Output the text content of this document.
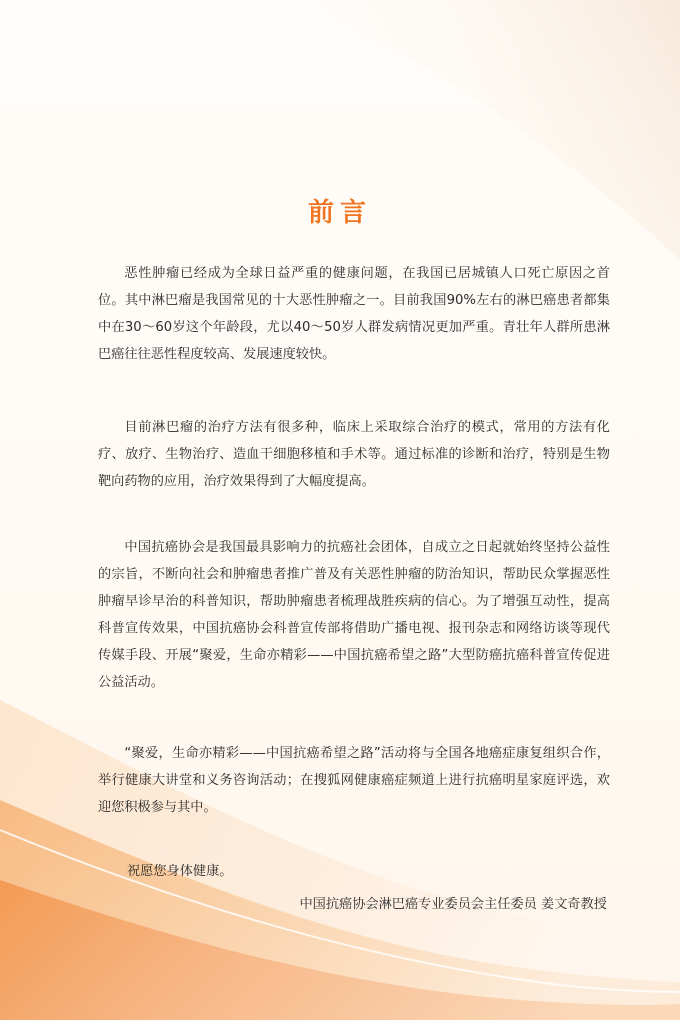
前言

恶性肿瘤已经成为全球日益严重的健康问题，在我国已居城镇人口死亡原因之首位。其中淋巴瘤是我国常见的十大恶性肿瘤之一。目前我国90%左右的淋巴癌患者都集中在30～60岁这个年龄段，尤以40～50岁人群发病情况更加严重。青壮年人群所患淋巴癌往往恶性程度较高、发展速度较快。

目前淋巴瘤的治疗方法有很多种，临床上采取综合治疗的模式，常用的方法有化疗、放疗、生物治疗、造血干细胞移植和手术等。通过标准的诊断和治疗，特别是生物靶向药物的应用，治疗效果得到了大幅度提高。

中国抗癌协会是我国最具影响力的抗癌社会团体，自成立之日起就始终坚持公益性的宗旨，不断向社会和肿瘤患者推广普及有关恶性肿瘤的防治知识，帮助民众掌握恶性肿瘤早诊早治的科普知识，帮助肿瘤患者梳理战胜疾病的信心。为了增强互动性，提高科普宣传效果，中国抗癌协会科普宣传部将借助广播电视、报刊杂志和网络访谈等现代传媒手段、开展“聚爱，生命亦精彩——中国抗癌希望之路”大型防癌抗癌科普宣传促进公益活动。

“聚爱，生命亦精彩——中国抗癌希望之路”活动将与全国各地癌症康复组织合作，举行健康大讲堂和义务咨询活动；在搜狐网健康癌症频道上进行抗癌明星家庭评选，欢迎您积极参与其中。

祝愿您身体健康。
中国抗癌协会淋巴癌专业委员会主任委员 姜文奇教授
